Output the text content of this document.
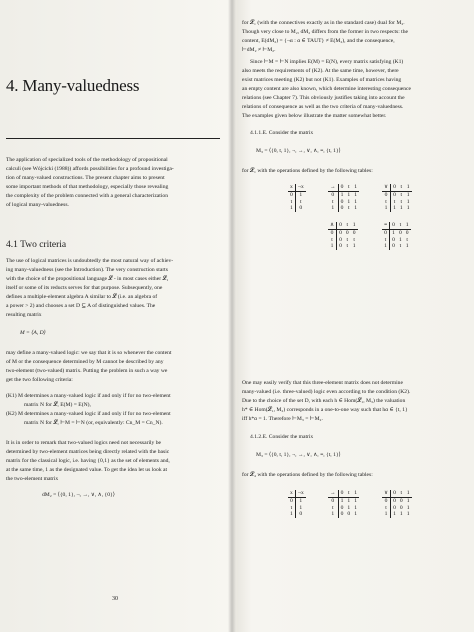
4. Many-valuedness
The application of specialized tools of the methodology of propositional
calculi (see Wójcicki (1988)) affords possibilities for a profound investiga-
tion of many-valued constructions. The present chapter aims to present
some important methods of that methodology, especially those revealing
the complexity of the problem connected with a general characterization
of logical many-valuedness.
4.1 Two criteria
The use of logical matrices is undoubtedly the most natural way of achiev-
ing many-valuedness (see the Introduction). The very construction starts
with the choice of the propositional language 𝓛 - in most cases either 𝓛₁
itself or some of its reducts serves for that purpose. Subsequently, one
defines a multiple-element algebra A similar to 𝓛 (i.e. an algebra of
a power > 2) and chooses a set D ⊆ A of distinguished values. The
resulting matrix
M = ⟨A, D⟩
may define a many-valued logic: we say that it is so whenever the content
of M or the consequence determined by M cannot be described by any
two-element (two-valued) matrix. Putting the problem in such a way we
get the two following criteria:
(K1) M determines a many-valued logic if and only if for no two-element
matrix N for 𝓛, E(M) = E(N),
(K2) M determines a many-valued logic if and only if for no two-element
matrix N for 𝓛, ⊢M = ⊢N (or, equivalently: Cn_M = Cn_N).
It is in order to remark that two-valued logics need not necessarily be
determined by two-element matrices being directly related with the basic
matrix for the classical logic, i.e. having {0,1} as the set of elements and,
at the same time, 1 as the designated value. To get the idea let us look at
the two-element matrix
dM₂ = ⟨{0, 1}, ¬, →, ∨, ∧, {0}⟩
30
for 𝓛₁ (with the connectives exactly as in the standard case) dual for M₂.
Though very close to M₂, dM₂ differs from the former in two respects: the
content, E(dM₂) = {¬α : α ∈ TAUT} ≠ E(M₂), and the consequence,
⊢dM₂ ≠ ⊢M₂.
Since ⊢M = ⊢N implies E(M) = E(N), every matrix satisfying (K1)
also meets the requirements of (K2). At the same time, however, there
exist matrices meeting (K2) but not (K1). Examples of matrices having
an empty content are also known, which determine interesting consequence
relations (see Chapter 7). This obviously justifies taking into account the
relations of consequence as well as the two criteria of many-valuedness.
The examples given below illustrate the matter somewhat better.
4.1.1.E. Consider the matrix
M₃ = ⟨{0, t, 1}, ¬, →, ∨, ∧, ≡, {t, 1}⟩
for 𝓛₁ with the operations defined by the following tables:
x	¬x
0	1
t	t
1	0
→	0	t	1
0	1	1	1
t	0	1	1
1	0	t	1
∨	0	t	1
0	0	t	1
t	t	t	1
1	1	1	1
∧	0	t	1
0	0	0	0
t	0	t	t
1	0	t	1
≡	0	t	1
0	1	0	0
t	0	1	t
1	0	t	1
One may easily verify that this three-element matrix does not determine
many-valued (i.e. three-valued) logic even according to the condition (K2).
Due to the choice of the set D, with each h ∈ Hom(𝓛₁, M₃) the valuation
h* ∈ Hom(𝓛₁, M₂) corresponds in a one-to-one way such that hα ∈ {t, 1}
iff h*α = 1. Therefore ⊢M₃ = ⊢M₂.
4.1.2.E. Consider the matrix
M₃ = ⟨{0, t, 1}, ¬, →, ∨, ∧, ≡, {t, 1}⟩
for 𝓛₄ with the operations defined by the following tables:
x	¬x
0	1
t	1
1	0
→	0	t	1
0	1	1	1
t	0	1	1
1	0	0	1
∨	0	t	1
0	0	0	1
t	0	0	1
1	1	1	1
